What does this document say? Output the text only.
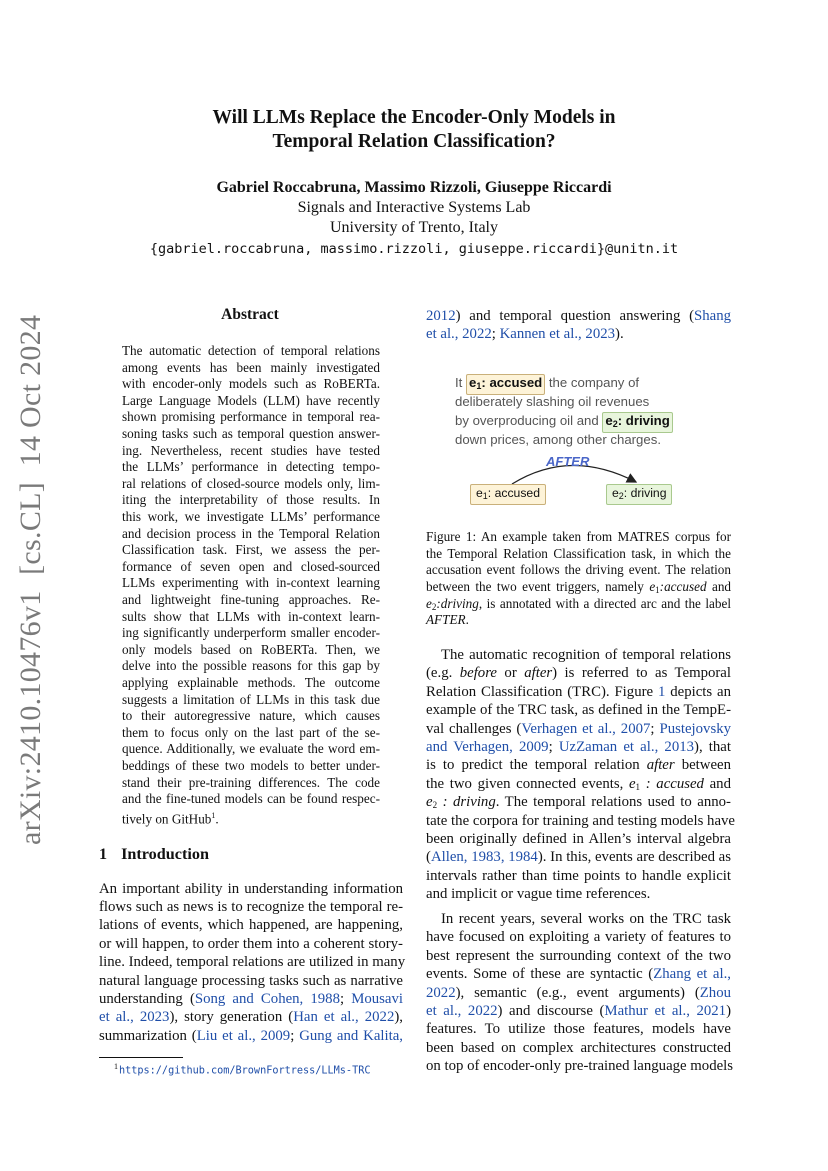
arXiv:2410.10476v1  [cs.CL]  14 Oct 2024
Will LLMs Replace the Encoder-Only Models in
Temporal Relation Classification?
Gabriel Roccabruna, Massimo Rizzoli, Giuseppe Riccardi
Signals and Interactive Systems Lab
University of Trento, Italy
{gabriel.roccabruna, massimo.rizzoli, giuseppe.riccardi}@unitn.it
Abstract
tively on GitHub$^1$.
1 Introduction
understanding (Song and Cohen, 1988; Mousavi
et al., 2023), story generation (Han et al., 2022),
summarization (Liu et al., 2009; Gung and Kalita,
$^1$https://github.com/BrownFortress/LLMs-TRC
2012) and temporal question answering (Shang
et al., 2022; Kannen et al., 2023).
It $e_1$: accused the company of
deliberately slashing oil revenues
by overproducing oil and $e_2$: driving
down prices, among other charges.
AFTER
$e_1$: accused	$e_2$: driving
between the two event triggers, namely $e_1:accused$ and
$e_2:driving$, is annotated with a directed arc and the label
AFTER.
The automatic recognition of temporal relations
(e.g. before or after) is referred to as Temporal
Relation Classification (TRC). Figure 1 depicts an
example of the TRC task, as defined in the TempE-
val challenges (Verhagen et al., 2007; Pustejovsky
and Verhagen, 2009; UzZaman et al., 2013), that
is to predict the temporal relation after between
the two given connected events, $e_1$ : accused and
$e_2$ : driving. The temporal relations used to anno-
tate the corpora for training and testing models have
been originally defined in Allen’s interval algebra
(Allen, 1983, 1984). In this, events are described as
intervals rather than time points to handle explicit
and implicit or vague time references.
In recent years, several works on the TRC task
have focused on exploiting a variety of features to
best represent the surrounding context of the two
events. Some of these are syntactic (Zhang et al.,
2022), semantic (e.g., event arguments) (Zhou
et al., 2022) and discourse (Mathur et al., 2021)
features. To utilize those features, models have
been based on complex architectures constructed
on top of encoder-only pre-trained language models
The automatic detection of temporal relations
among events has been mainly investigated
with encoder-only models such as RoBERTa.
Large Language Models (LLM) have recently
shown promising performance in temporal rea-
soning tasks such as temporal question answer-
ing. Nevertheless, recent studies have tested
the LLMs’ performance in detecting tempo-
ral relations of closed-source models only, lim-
iting the interpretability of those results. In
this work, we investigate LLMs’ performance
and decision process in the Temporal Relation
Classification task. First, we assess the per-
formance of seven open and closed-sourced
LLMs experimenting with in-context learning
and lightweight fine-tuning approaches. Re-
sults show that LLMs with in-context learn-
ing significantly underperform smaller encoder-
only models based on RoBERTa. Then, we
delve into the possible reasons for this gap by
applying explainable methods. The outcome
suggests a limitation of LLMs in this task due
to their autoregressive nature, which causes
them to focus only on the last part of the se-
quence. Additionally, we evaluate the word em-
beddings of these two models to better under-
stand their pre-training differences. The code
and the fine-tuned models can be found respec-
An important ability in understanding information
flows such as news is to recognize the temporal re-
lations of events, which happened, are happening,
or will happen, to order them into a coherent story-
line. Indeed, temporal relations are utilized in many
natural language processing tasks such as narrative
Figure 1: An example taken from MATRES corpus for
the Temporal Relation Classification task, in which the
accusation event follows the driving event. The relation
